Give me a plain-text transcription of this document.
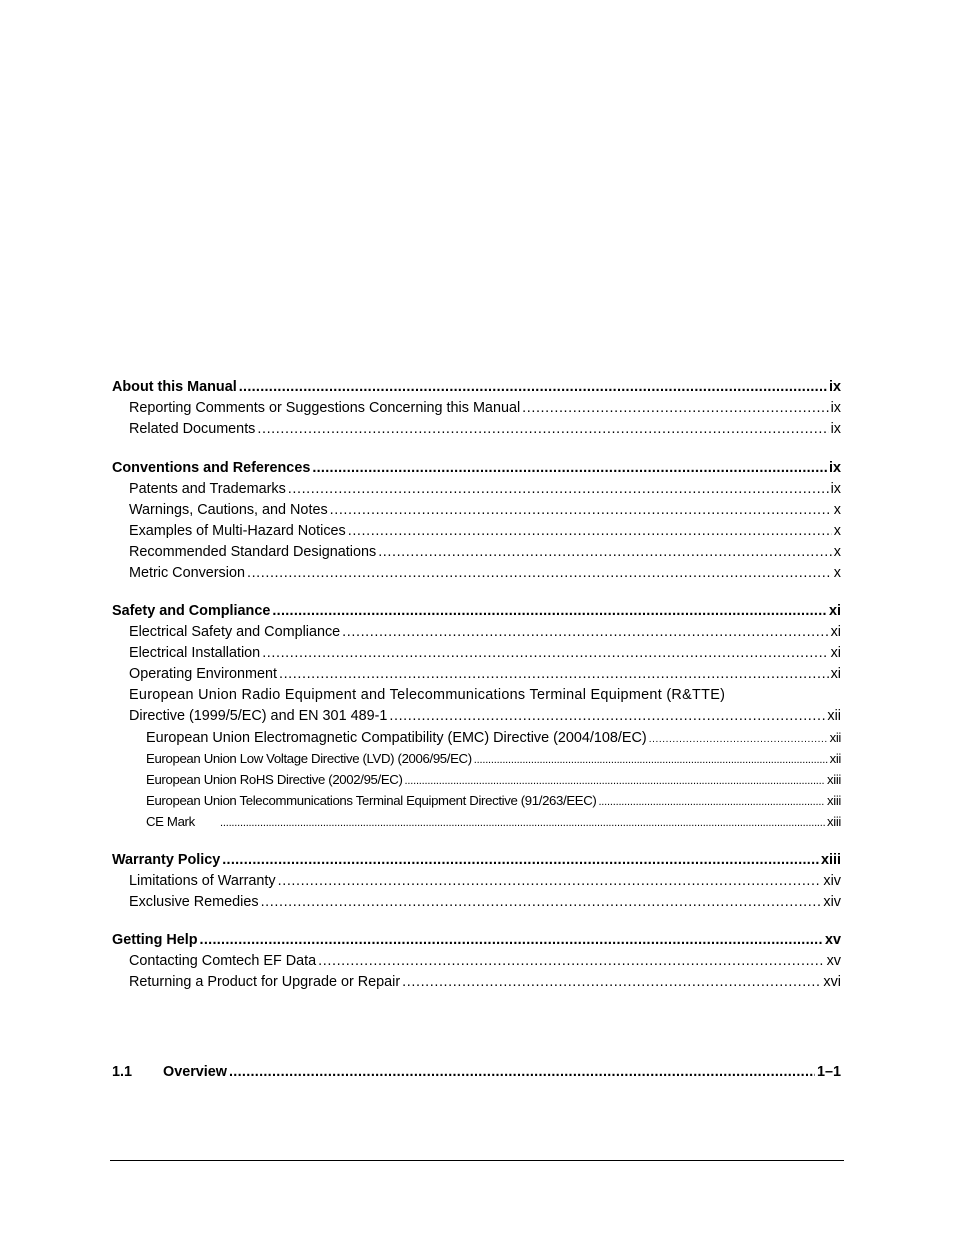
About this Manual .....	ix
Reporting Comments or Suggestions Concerning this Manual .....	ix
Related Documents .....	ix
Conventions and References .....	ix
Patents and Trademarks .....	ix
Warnings, Cautions, and Notes .....	x
Examples of Multi-Hazard Notices .....	x
Recommended Standard Designations .....	x
Metric Conversion .....	x
Safety and Compliance .....	xi
Electrical Safety and Compliance .....	xi
Electrical Installation .....	xi
Operating Environment .....	xi
European Union Radio Equipment and Telecommunications Terminal Equipment (R&TTE)
Directive (1999/5/EC) and EN 301 489-1 .....	xii
European Union Electromagnetic Compatibility (EMC) Directive (2004/108/EC) .....	xii
European Union Low Voltage Directive (LVD) (2006/95/EC) .....	xii
European Union RoHS Directive (2002/95/EC) .....	xiii
European Union Telecommunications Terminal Equipment Directive (91/263/EEC) .....	xiii
CE Mark .....	xiii
Warranty Policy .....	xiii
Limitations of Warranty .....	xiv
Exclusive Remedies .....	xiv
Getting Help .....	xv
Contacting Comtech EF Data .....	xv
Returning a Product for Upgrade or Repair .....	xvi
1.1	Overview .....	1–1
